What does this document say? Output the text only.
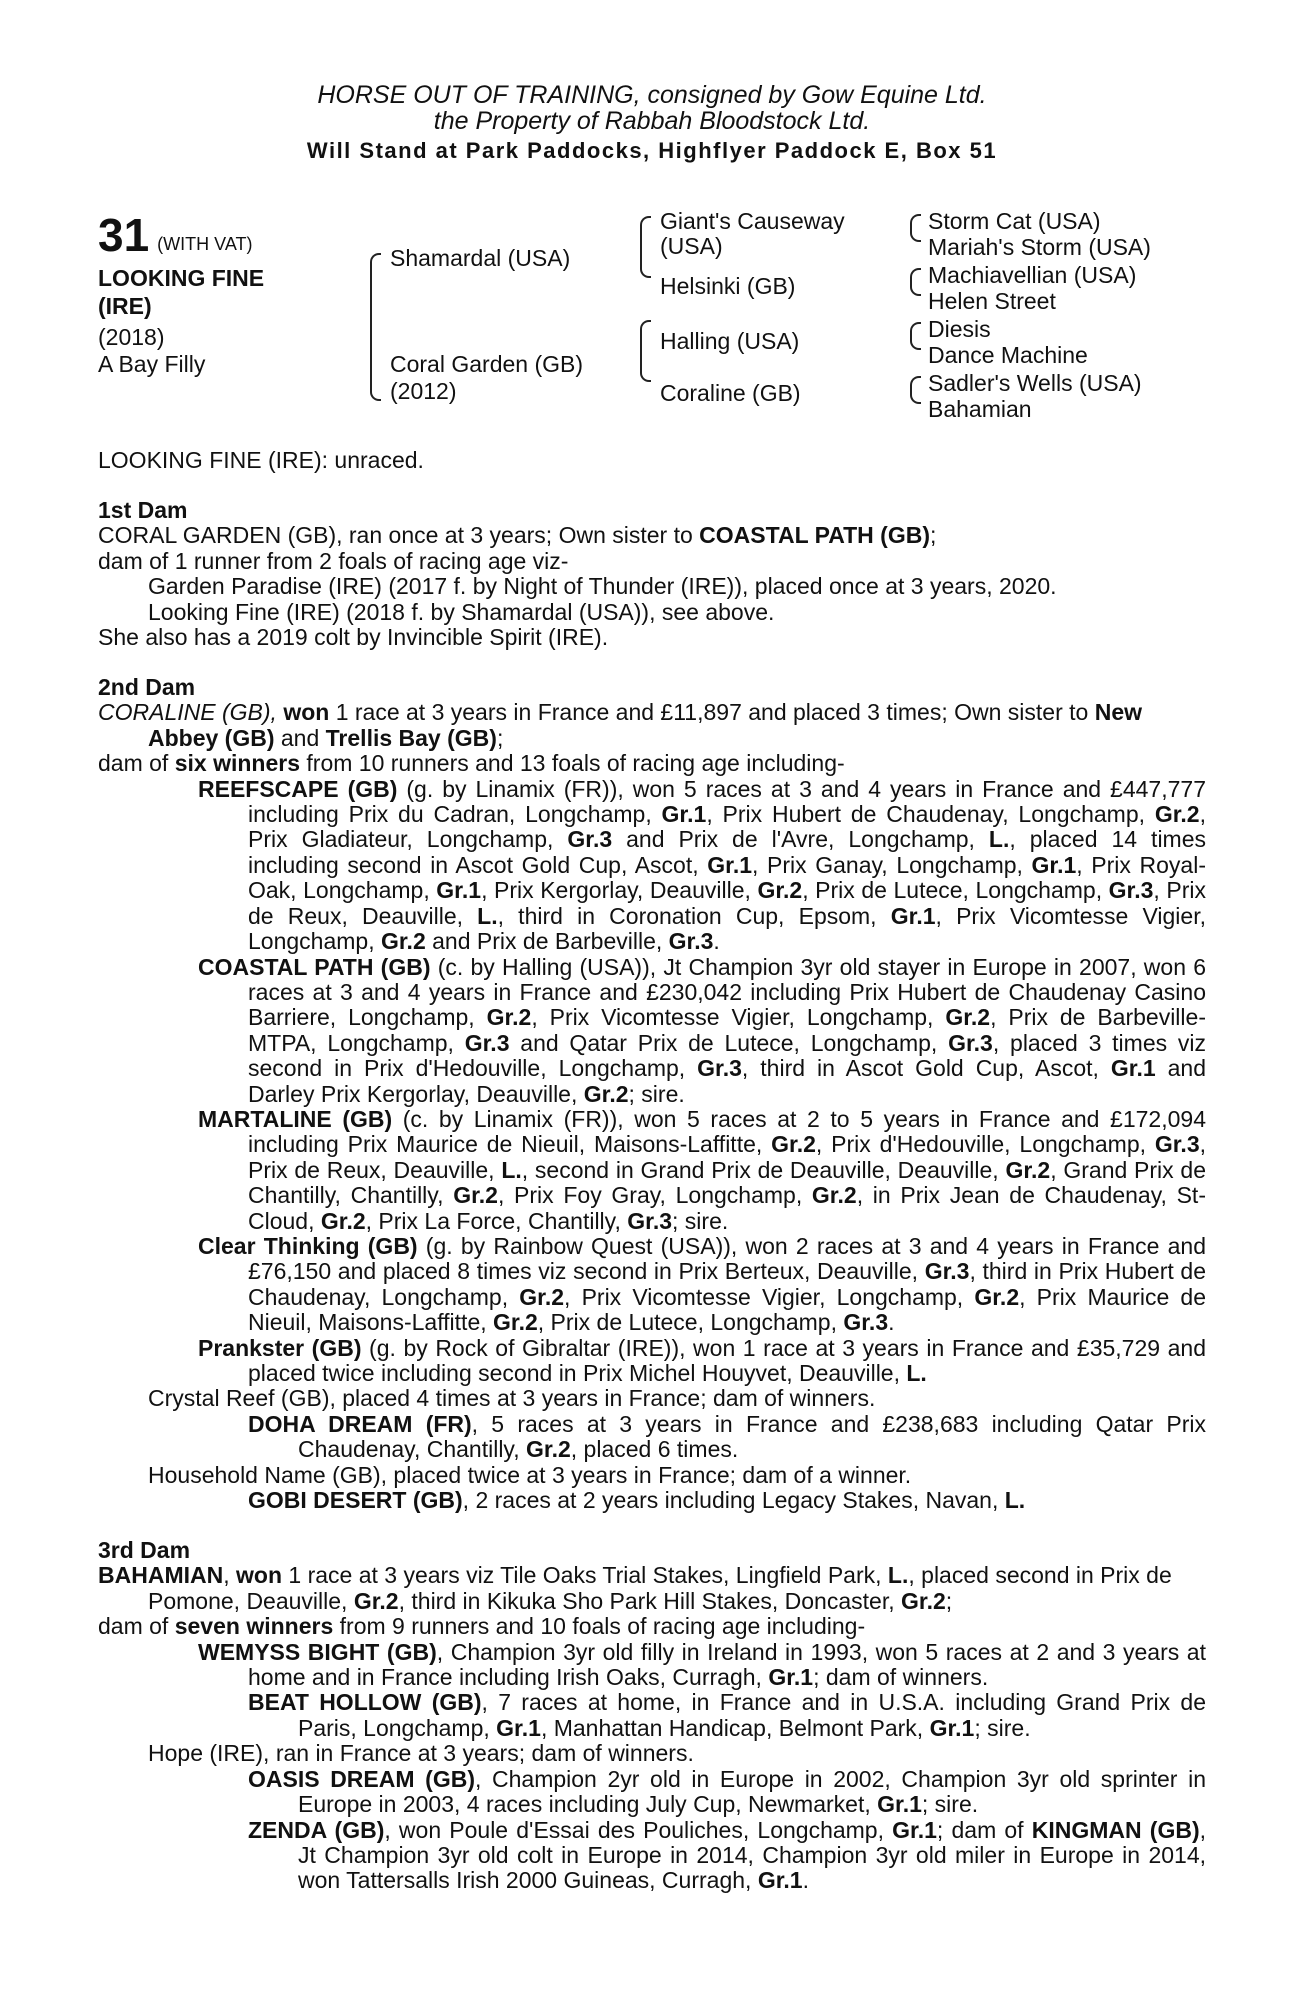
HORSE OUT OF TRAINING, consigned by Gow Equine Ltd.
the Property of Rabbah Bloodstock Ltd.
Will Stand at Park Paddocks, Highflyer Paddock E, Box 51
31 (WITH VAT)
LOOKING FINE
(IRE)
(2018)
A Bay Filly
Shamardal (USA)
Coral Garden (GB)
(2012)
Giant's Causeway
(USA)
Helsinki (GB)
Halling (USA)
Coraline (GB)
Storm Cat (USA)
Mariah's Storm (USA)
Machiavellian (USA)
Helen Street
Diesis
Dance Machine
Sadler's Wells (USA)
Bahamian
LOOKING FINE (IRE): unraced.
1st Dam
CORAL GARDEN (GB), ran once at 3 years; Own sister to COASTAL PATH (GB);
dam of 1 runner from 2 foals of racing age viz-
Garden Paradise (IRE) (2017 f. by Night of Thunder (IRE)), placed once at 3 years, 2020.
Looking Fine (IRE) (2018 f. by Shamardal (USA)), see above.
She also has a 2019 colt by Invincible Spirit (IRE).
2nd Dam
CORALINE (GB), won 1 race at 3 years in France and £11,897 and placed 3 times; Own sister to New Abbey (GB) and Trellis Bay (GB);
dam of six winners from 10 runners and 13 foals of racing age including-
REEFSCAPE (GB) (g. by Linamix (FR)), won 5 races at 3 and 4 years in France and £447,777 including Prix du Cadran, Longchamp, Gr.1, Prix Hubert de Chaudenay, Longchamp, Gr.2, Prix Gladiateur, Longchamp, Gr.3 and Prix de l'Avre, Longchamp, L., placed 14 times including second in Ascot Gold Cup, Ascot, Gr.1, Prix Ganay, Longchamp, Gr.1, Prix Royal-Oak, Longchamp, Gr.1, Prix Kergorlay, Deauville, Gr.2, Prix de Lutece, Longchamp, Gr.3, Prix de Reux, Deauville, L., third in Coronation Cup, Epsom, Gr.1, Prix Vicomtesse Vigier, Longchamp, Gr.2 and Prix de Barbeville, Gr.3.
COASTAL PATH (GB) (c. by Halling (USA)), Jt Champion 3yr old stayer in Europe in 2007, won 6 races at 3 and 4 years in France and £230,042 including Prix Hubert de Chaudenay Casino Barriere, Longchamp, Gr.2, Prix Vicomtesse Vigier, Longchamp, Gr.2, Prix de Barbeville-MTPA, Longchamp, Gr.3 and Qatar Prix de Lutece, Longchamp, Gr.3, placed 3 times viz second in Prix d'Hedouville, Longchamp, Gr.3, third in Ascot Gold Cup, Ascot, Gr.1 and Darley Prix Kergorlay, Deauville, Gr.2; sire.
MARTALINE (GB) (c. by Linamix (FR)), won 5 races at 2 to 5 years in France and £172,094 including Prix Maurice de Nieuil, Maisons-Laffitte, Gr.2, Prix d'Hedouville, Longchamp, Gr.3, Prix de Reux, Deauville, L., second in Grand Prix de Deauville, Deauville, Gr.2, Grand Prix de Chantilly, Chantilly, Gr.2, Prix Foy Gray, Longchamp, Gr.2, in Prix Jean de Chaudenay, St-Cloud, Gr.2, Prix La Force, Chantilly, Gr.3; sire.
Clear Thinking (GB) (g. by Rainbow Quest (USA)), won 2 races at 3 and 4 years in France and £76,150 and placed 8 times viz second in Prix Berteux, Deauville, Gr.3, third in Prix Hubert de Chaudenay, Longchamp, Gr.2, Prix Vicomtesse Vigier, Longchamp, Gr.2, Prix Maurice de Nieuil, Maisons-Laffitte, Gr.2, Prix de Lutece, Longchamp, Gr.3.
Prankster (GB) (g. by Rock of Gibraltar (IRE)), won 1 race at 3 years in France and £35,729 and placed twice including second in Prix Michel Houyvet, Deauville, L.
Crystal Reef (GB), placed 4 times at 3 years in France; dam of winners.
DOHA DREAM (FR), 5 races at 3 years in France and £238,683 including Qatar Prix Chaudenay, Chantilly, Gr.2, placed 6 times.
Household Name (GB), placed twice at 3 years in France; dam of a winner.
GOBI DESERT (GB), 2 races at 2 years including Legacy Stakes, Navan, L.
3rd Dam
BAHAMIAN, won 1 race at 3 years viz Tile Oaks Trial Stakes, Lingfield Park, L., placed second in Prix de Pomone, Deauville, Gr.2, third in Kikuka Sho Park Hill Stakes, Doncaster, Gr.2;
dam of seven winners from 9 runners and 10 foals of racing age including-
WEMYSS BIGHT (GB), Champion 3yr old filly in Ireland in 1993, won 5 races at 2 and 3 years at home and in France including Irish Oaks, Curragh, Gr.1; dam of winners.
BEAT HOLLOW (GB), 7 races at home, in France and in U.S.A. including Grand Prix de Paris, Longchamp, Gr.1, Manhattan Handicap, Belmont Park, Gr.1; sire.
Hope (IRE), ran in France at 3 years; dam of winners.
OASIS DREAM (GB), Champion 2yr old in Europe in 2002, Champion 3yr old sprinter in Europe in 2003, 4 races including July Cup, Newmarket, Gr.1; sire.
ZENDA (GB), won Poule d'Essai des Pouliches, Longchamp, Gr.1; dam of KINGMAN (GB), Jt Champion 3yr old colt in Europe in 2014, Champion 3yr old miler in Europe in 2014, won Tattersalls Irish 2000 Guineas, Curragh, Gr.1.
